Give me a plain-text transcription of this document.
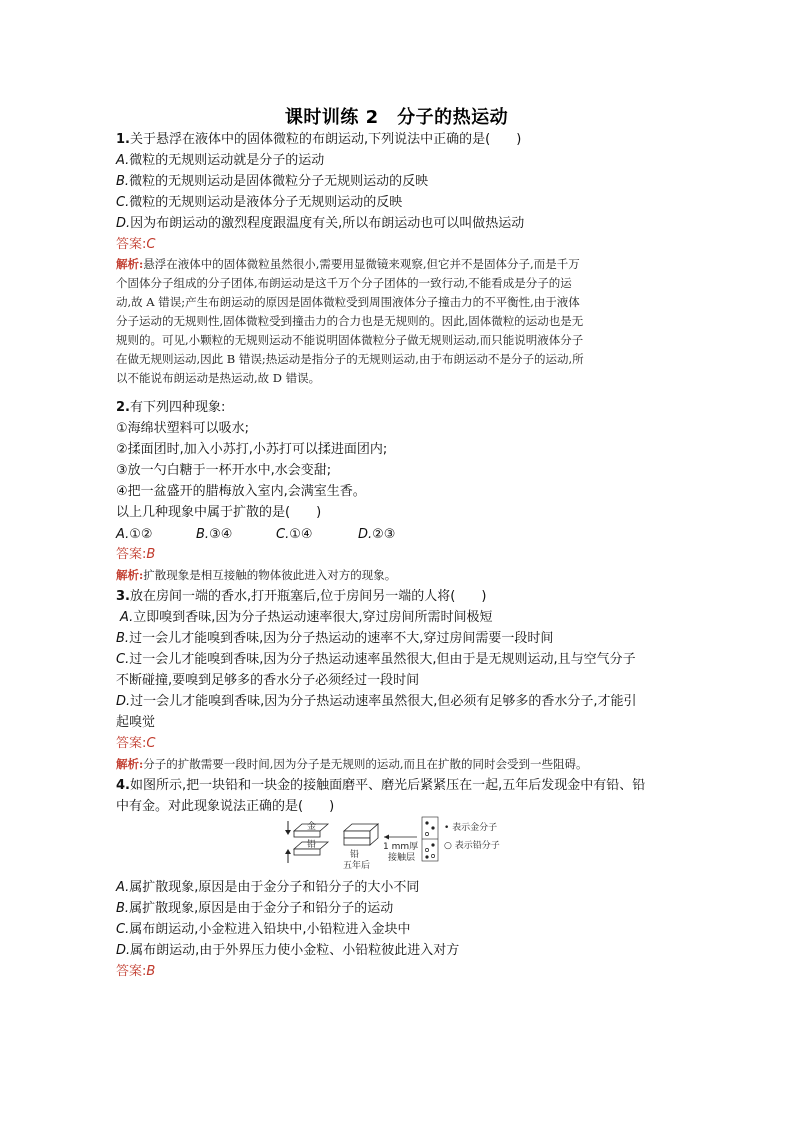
课时训练 2　分子的热运动
1.关于悬浮在液体中的固体微粒的布朗运动,下列说法中正确的是(　　)
A.微粒的无规则运动就是分子的运动
B.微粒的无规则运动是固体微粒分子无规则运动的反映
C.微粒的无规则运动是液体分子无规则运动的反映
D.因为布朗运动的激烈程度跟温度有关,所以布朗运动也可以叫做热运动
答案:C
解析:悬浮在液体中的固体微粒虽然很小,需要用显微镜来观察,但它并不是固体分子,而是千万
个固体分子组成的分子团体,布朗运动是这千万个分子团体的一致行动,不能看成是分子的运
动,故 A 错误;产生布朗运动的原因是固体微粒受到周围液体分子撞击力的不平衡性,由于液体
分子运动的无规则性,固体微粒受到撞击力的合力也是无规则的。因此,固体微粒的运动也是无
规则的。可见,小颗粒的无规则运动不能说明固体微粒分子做无规则运动,而只能说明液体分子
在做无规则运动,因此 B 错误;热运动是指分子的无规则运动,由于布朗运动不是分子的运动,所
以不能说布朗运动是热运动,故 D 错误。
2.有下列四种现象:
①海绵状塑料可以吸水;
②揉面团时,加入小苏打,小苏打可以揉进面团内;
③放一勺白糖于一杯开水中,水会变甜;
④把一盆盛开的腊梅放入室内,会满室生香。
以上几种现象中属于扩散的是(　　)
A.①②	B.③④	C.①④	D.②③
答案:B
解析:扩散现象是相互接触的物体彼此进入对方的现象。
3.放在房间一端的香水,打开瓶塞后,位于房间另一端的人将(　　)
A.立即嗅到香味,因为分子热运动速率很大,穿过房间所需时间极短
B.过一会儿才能嗅到香味,因为分子热运动的速率不大,穿过房间需要一段时间
C.过一会儿才能嗅到香味,因为分子热运动速率虽然很大,但由于是无规则运动,且与空气分子
不断碰撞,要嗅到足够多的香水分子必须经过一段时间
D.过一会儿才能嗅到香味,因为分子热运动速率虽然很大,但必须有足够多的香水分子,才能引
起嗅觉
答案:C
解析:分子的扩散需要一段时间,因为分子是无规则的运动,而且在扩散的同时会受到一些阻碍。
4.如图所示,把一块铅和一块金的接触面磨平、磨光后紧紧压在一起,五年后发现金中有铅、铅
中有金。对此现象说法正确的是(　　)
金
铅
铅
五年后
1 mm厚
接触层
• 表示金分子
○ 表示铅分子
A.属扩散现象,原因是由于金分子和铅分子的大小不同
B.属扩散现象,原因是由于金分子和铅分子的运动
C.属布朗运动,小金粒进入铅块中,小铅粒进入金块中
D.属布朗运动,由于外界压力使小金粒、小铅粒彼此进入对方
答案:B
